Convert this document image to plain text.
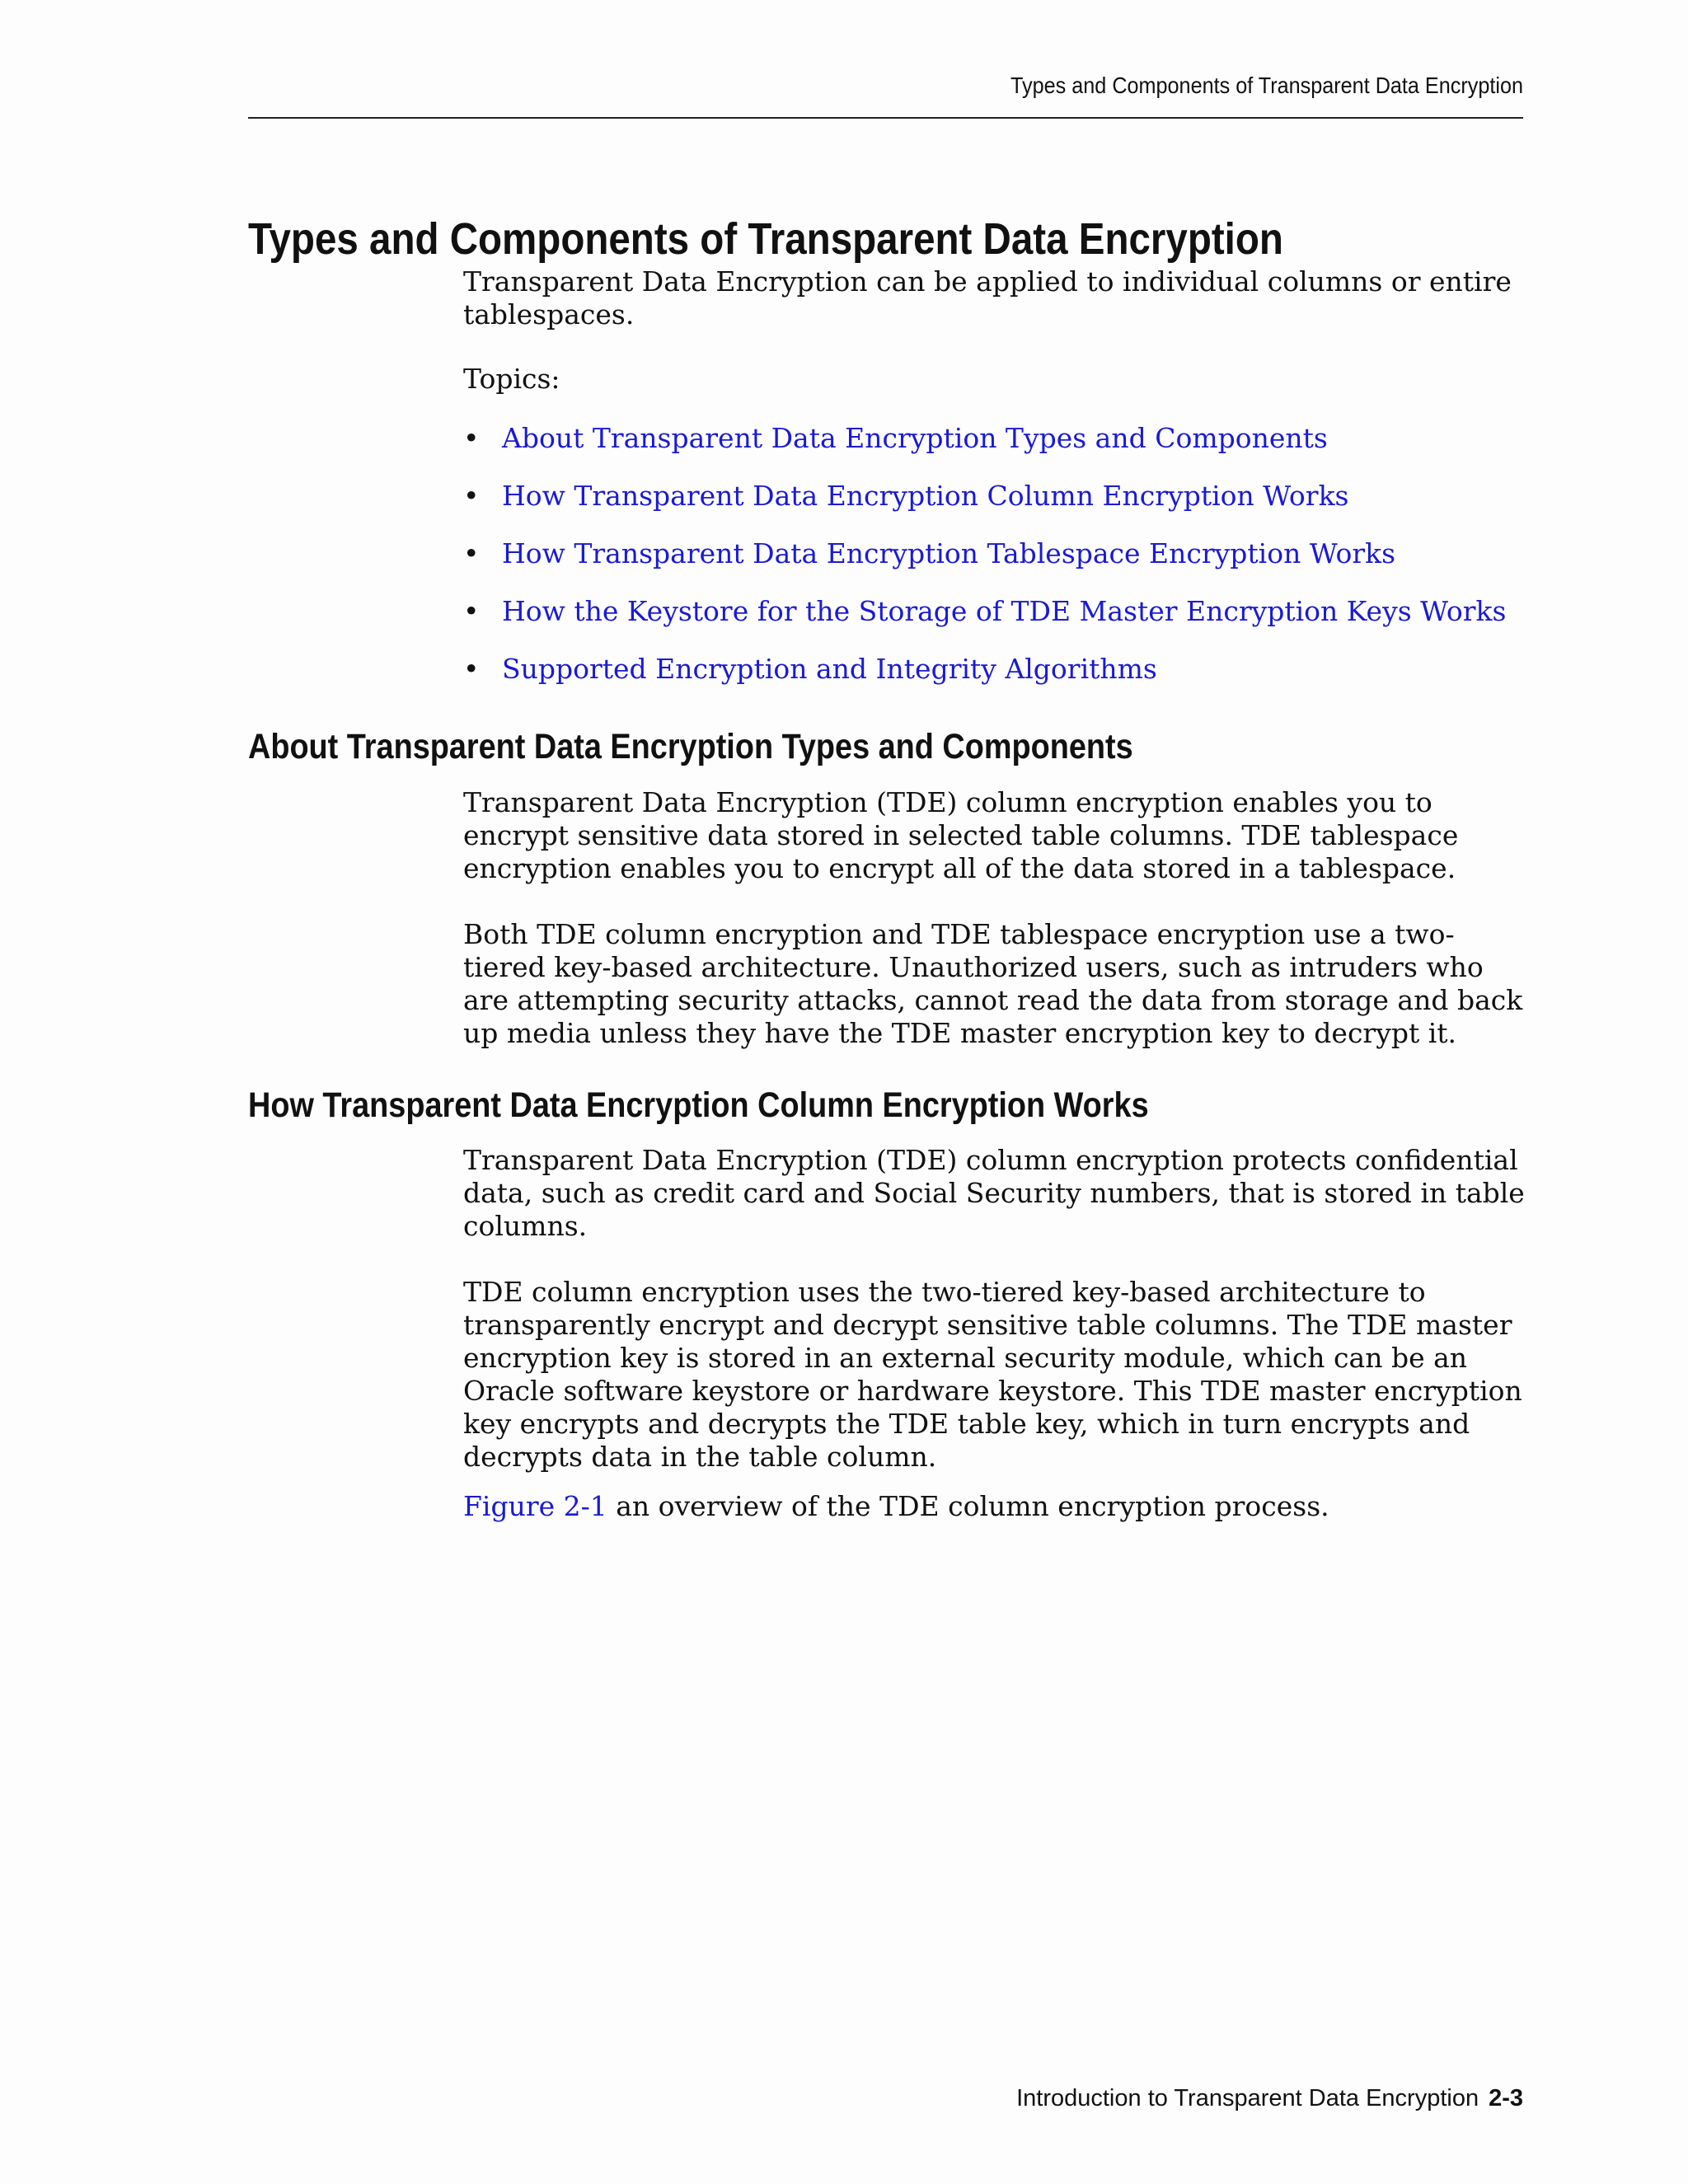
Types and Components of Transparent Data Encryption
Types and Components of Transparent Data Encryption

Transparent Data Encryption can be applied to individual columns or entire tablespaces.

Topics:

• About Transparent Data Encryption Types and Components
• How Transparent Data Encryption Column Encryption Works
• How Transparent Data Encryption Tablespace Encryption Works
• How the Keystore for the Storage of TDE Master Encryption Keys Works
• Supported Encryption and Integrity Algorithms
About Transparent Data Encryption Types and Components

Transparent Data Encryption (TDE) column encryption enables you to encrypt sensitive data stored in selected table columns. TDE tablespace encryption enables you to encrypt all of the data stored in a tablespace.

Both TDE column encryption and TDE tablespace encryption use a two-tiered key-based architecture. Unauthorized users, such as intruders who are attempting security attacks, cannot read the data from storage and back up media unless they have the TDE master encryption key to decrypt it.

How Transparent Data Encryption Column Encryption Works

Transparent Data Encryption (TDE) column encryption protects confidential data, such as credit card and Social Security numbers, that is stored in table columns.

TDE column encryption uses the two-tiered key-based architecture to transparently encrypt and decrypt sensitive table columns. The TDE master encryption key is stored in an external security module, which can be an Oracle software keystore or hardware keystore. This TDE master encryption key encrypts and decrypts the TDE table key, which in turn encrypts and decrypts data in the table column.

Figure 2-1 an overview of the TDE column encryption process.

Introduction to Transparent Data Encryption 2-3
